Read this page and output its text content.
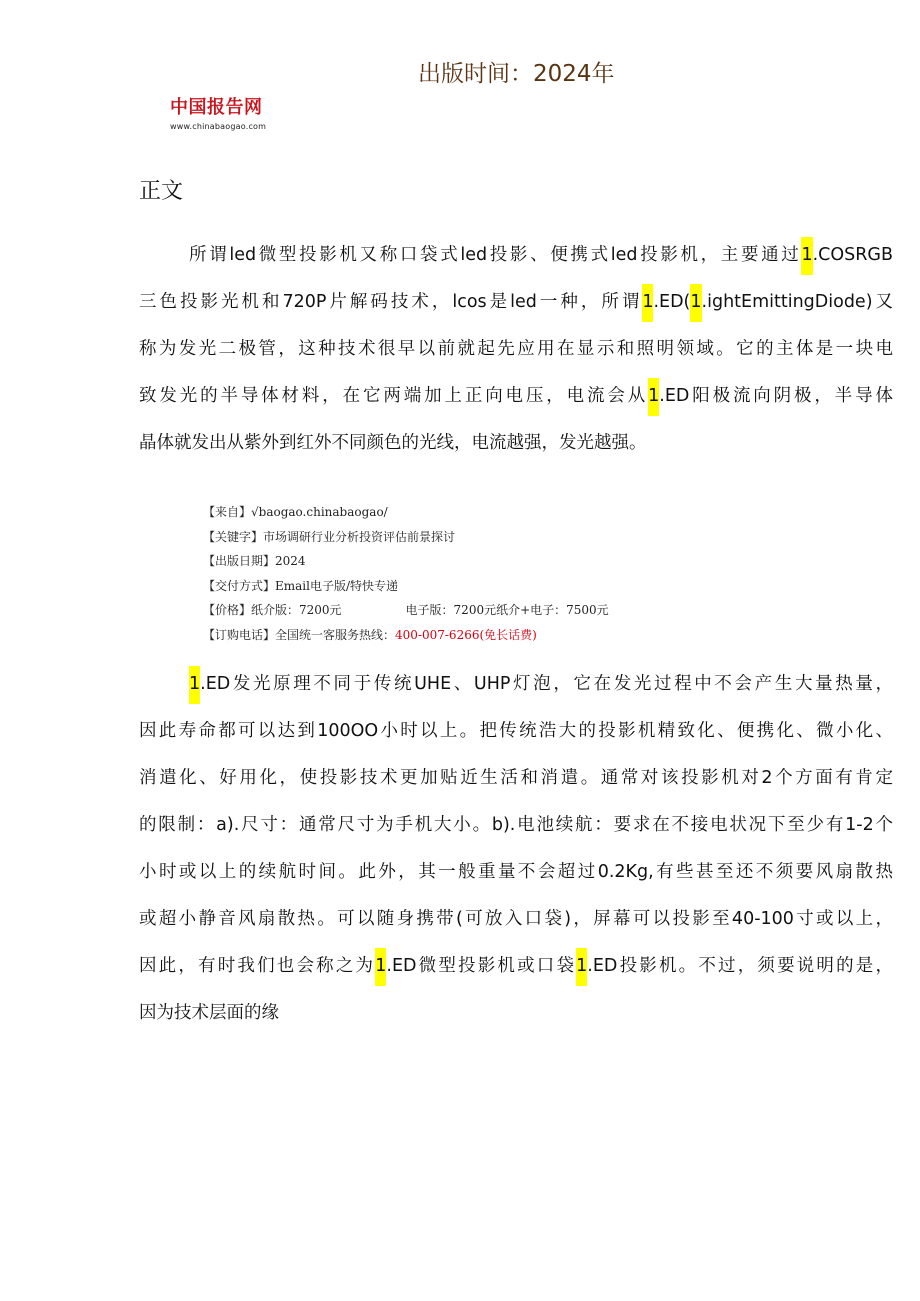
出版时间：2024年
中国报告网
www.chinabaogao.com
正文
所谓led微型投影机又称口袋式led投影、便携式led投影机，主要通过1.COSRGB
三色投影光机和720P片解码技术，lcos是led一种，所谓1.ED(1.ightEmittingDiode)又
称为发光二极管，这种技术很早以前就起先应用在显示和照明领域。它的主体是一块电
致发光的半导体材料，在它两端加上正向电压，电流会从1.ED阳极流向阴极，半导体
晶体就发出从紫外到红外不同颜色的光线，电流越强，发光越强。
【来自】√baogao.chinabaogao/
【关键字】市场调研行业分析投资评估前景探讨
【出版日期】2024
【交付方式】Email电子版/特快专递
【价格】纸介版：7200元	电子版：7200元纸介+电子：7500元
【订购电话】全国统一客服务热线：400-007-6266(免长话费)
1.ED发光原理不同于传统UHE、UHP灯泡，它在发光过程中不会产生大量热量，
因此寿命都可以达到100OO小时以上。把传统浩大的投影机精致化、便携化、微小化、
消遣化、好用化，使投影技术更加贴近生活和消遣。通常对该投影机对2个方面有肯定
的限制：a).尺寸：通常尺寸为手机大小。b).电池续航：要求在不接电状况下至少有1-2个
小时或以上的续航时间。此外，其一般重量不会超过0.2Kg,有些甚至还不须要风扇散热
或超小静音风扇散热。可以随身携带(可放入口袋)，屏幕可以投影至40-100寸或以上，
因此，有时我们也会称之为1.ED微型投影机或口袋1.ED投影机。不过，须要说明的是，
因为技术层面的缘
